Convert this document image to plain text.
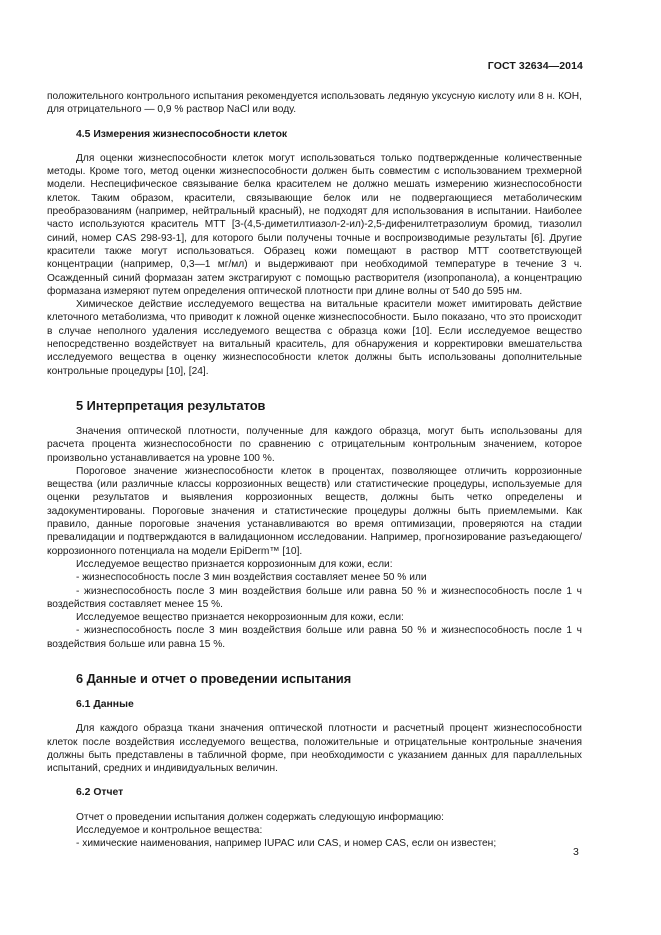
ГОСТ 32634—2014

положительного контрольного испытания рекомендуется использовать ледяную уксусную кислоту или 8 н. КОН, для отрицательного — 0,9 % раствор NaCl или воду.

4.5 Измерения жизнеспособности клеток

Для оценки жизнеспособности клеток могут использоваться только подтвержденные количественные методы. Кроме того, метод оценки жизнеспособности должен быть совместим с использованием трехмерной модели. Неспецифическое связывание белка красителем не должно мешать измерению жизнеспособности клеток. Таким образом, красители, связывающие белок или не подвергающиеся метаболическим преобразованиям (например, нейтральный красный), не подходят для использования в испытании. Наиболее часто используются краситель МТТ [3-(4,5-диметилтиазол-2-ил)-2,5-дифенилтетразолиум бромид, тиазолил синий, номер CAS 298-93-1], для которого были получены точные и воспроизводимые результаты [6]. Другие красители также могут использоваться. Образец кожи помещают в раствор МТТ соответствующей концентрации (например, 0,3—1 мг/мл) и выдерживают при необходимой температуре в течение 3 ч. Осажденный синий формазан затем экстрагируют с помощью растворителя (изопропанола), а концентрацию формазана измеряют путем определения оптической плотности при длине волны от 540 до 595 нм.

Химическое действие исследуемого вещества на витальные красители может имитировать действие клеточного метаболизма, что приводит к ложной оценке жизнеспособности. Было показано, что это происходит в случае неполного удаления исследуемого вещества с образца кожи [10]. Если исследуемое вещество непосредственно воздействует на витальный краситель, для обнаружения и корректировки вмешательства исследуемого вещества в оценку жизнеспособности клеток должны быть использованы дополнительные контрольные процедуры [10], [24].

5 Интерпретация результатов

Значения оптической плотности, полученные для каждого образца, могут быть использованы для расчета процента жизнеспособности по сравнению с отрицательным контрольным значением, которое произвольно устанавливается на уровне 100 %.

Пороговое значение жизнеспособности клеток в процентах, позволяющее отличить коррозионные вещества (или различные классы коррозионных веществ) или статистические процедуры, используемые для оценки результатов и выявления коррозионных веществ, должны быть четко определены и задокументированы. Пороговые значения и статистические процедуры должны быть приемлемыми. Как правило, данные пороговые значения устанавливаются во время оптимизации, проверяются на стадии превалидации и подтверждаются в валидационном исследовании. Например, прогнозирование разъедающего/коррозионного потенциала на модели EpiDerm™ [10].

Исследуемое вещество признается коррозионным для кожи, если:

- жизнеспособность после 3 мин воздействия составляет менее 50 % или

- жизнеспособность после 3 мин воздействия больше или равна 50 % и жизнеспособность после 1 ч воздействия составляет менее 15 %.

Исследуемое вещество признается некоррозионным для кожи, если:

- жизнеспособность после 3 мин воздействия больше или равна 50 % и жизнеспособность после 1 ч воздействия больше или равна 15 %.

6 Данные и отчет о проведении испытания
6.1 Данные

Для каждого образца ткани значения оптической плотности и расчетный процент жизнеспособности клеток после воздействия исследуемого вещества, положительные и отрицательные контрольные значения должны быть представлены в табличной форме, при необходимости с указанием данных для параллельных испытаний, средних и индивидуальных величин.

6.2 Отчет

Отчет о проведении испытания должен содержать следующую информацию:

Исследуемое и контрольное вещества:

- химические наименования, например IUPAC или CAS, и номер CAS, если он известен;

3
